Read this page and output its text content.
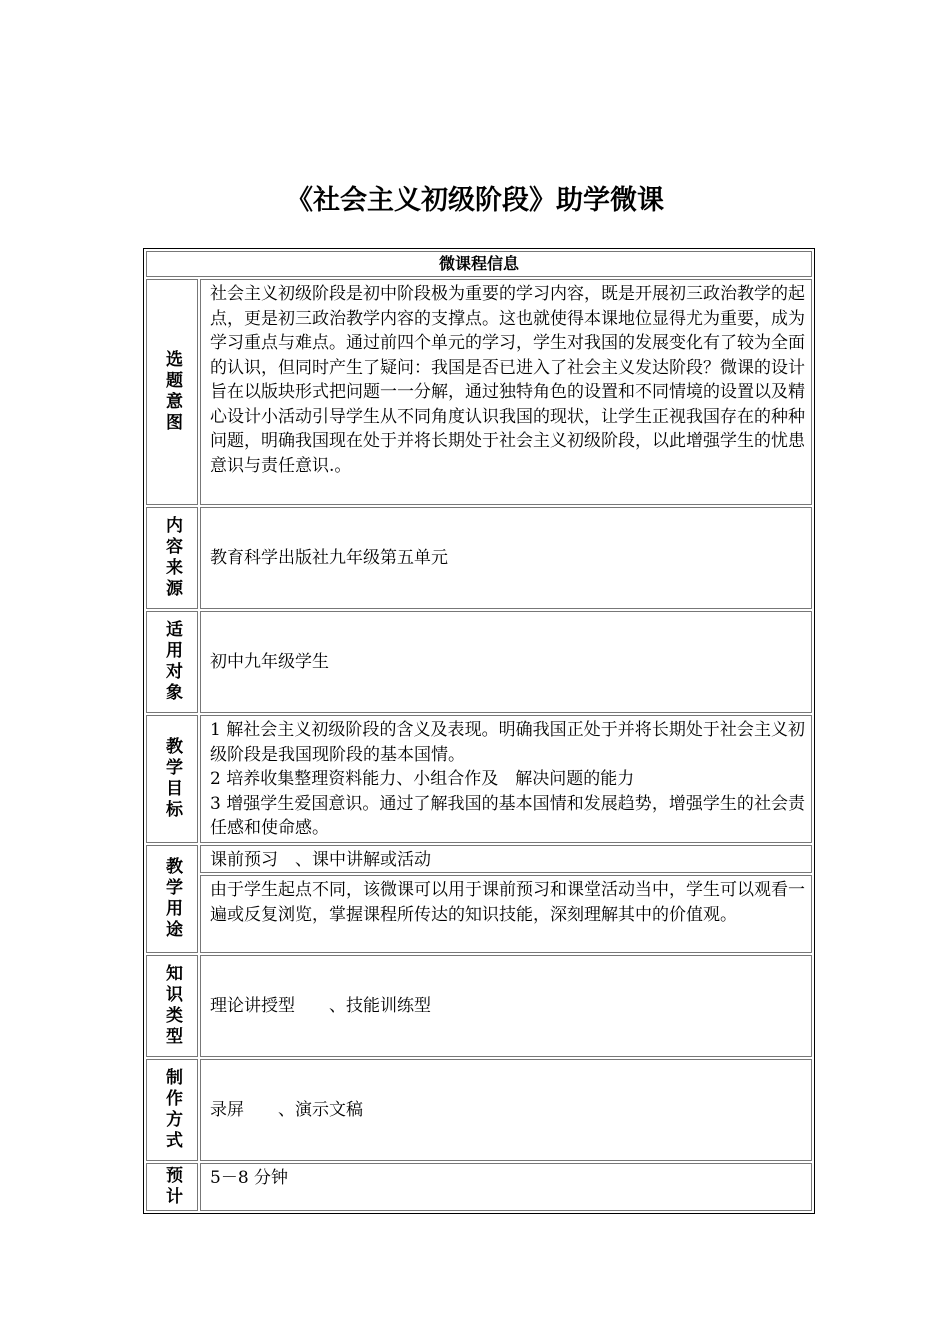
《社会主义初级阶段》助学微课
微课程信息
选题意图
社会主义初级阶段是初中阶段极为重要的学习内容，既是开展初三政治教学的起点，更是初三政治教学内容的支撑点。这也就使得本课地位显得尤为重要，成为学习重点与难点。通过前四个单元的学习，学生对我国的发展变化有了较为全面的认识，但同时产生了疑问：我国是否已进入了社会主义发达阶段？微课的设计旨在以版块形式把问题一一分解，通过独特角色的设置和不同情境的设置以及精心设计小活动引导学生从不同角度认识我国的现状，让学生正视我国存在的种种问题，明确我国现在处于并将长期处于社会主义初级阶段，以此增强学生的忧患意识与责任意识.。
内容来源 教育科学出版社九年级第五单元
适用对象 初中九年级学生
教学目标
1 解社会主义初级阶段的含义及表现。明确我国正处于并将长期处于社会主义初级阶段是我国现阶段的基本国情。
2 培养收集整理资料能力、小组合作及　解决问题的能力
3 增强学生爱国意识。通过了解我国的基本国情和发展趋势，增强学生的社会责任感和使命感。
教学用途	课前预习　、课中讲解或活动
由于学生起点不同，该微课可以用于课前预习和课堂活动当中，学生可以观看一遍或反复浏览，掌握课程所传达的知识技能，深刻理解其中的价值观。
知识类型 理论讲授型　　、技能训练型
制作方式 录屏　　、演示文稿
预计	5－8 分钟
